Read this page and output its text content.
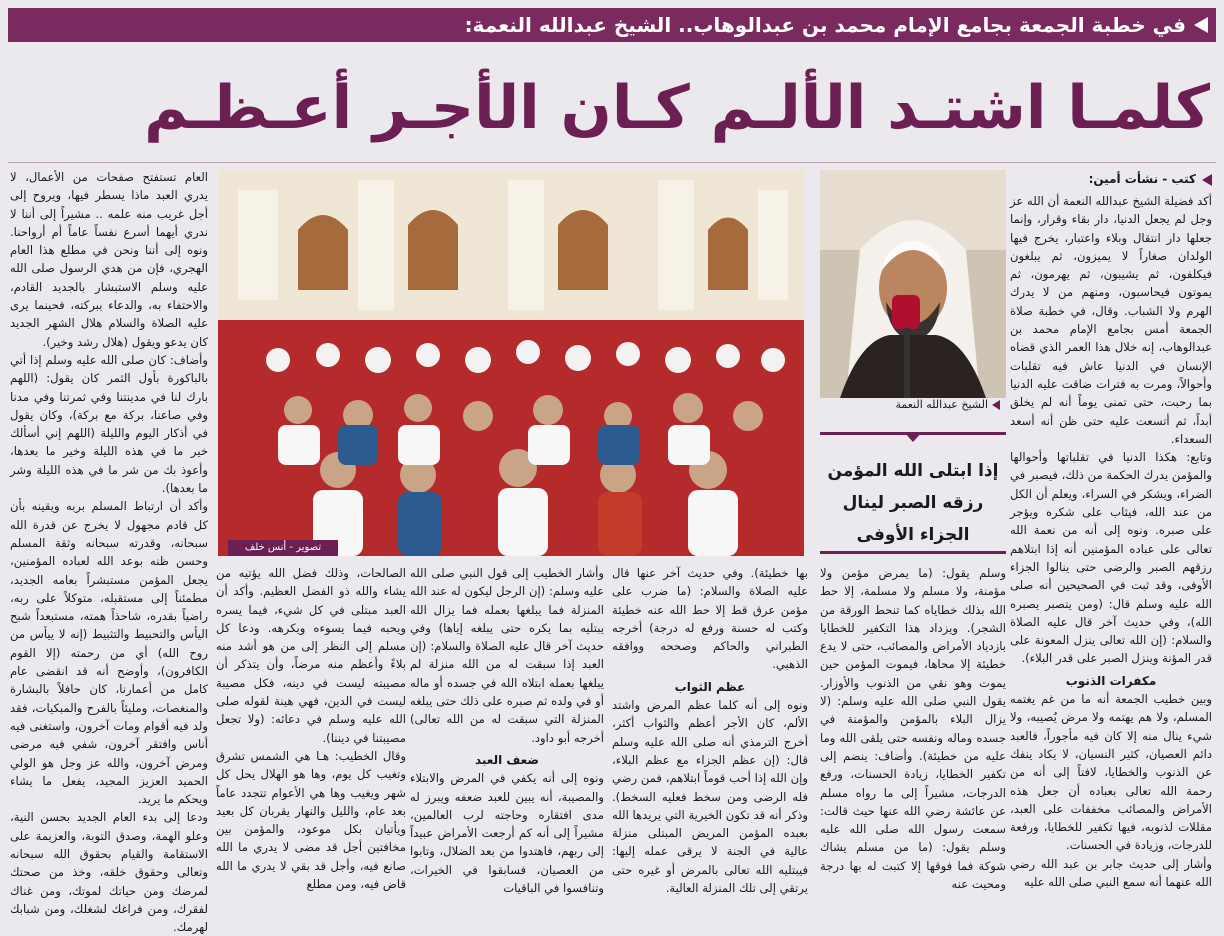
في خطبة الجمعة بجامع الإمام محمد بن عبدالوهاب.. الشيخ عبدالله النعمة:
كلمـا اشتـد الألـم كـان الأجـر أعـظـم
كتب - نشأت أمين:

أكد فضيلة الشيخ عبدالله النعمة أن الله عز وجل لم يجعل الدنيا، دار بقاء وقرار، وإنما جعلها دار انتقال وبلاء واعتبار، يخرج فيها الولدان صغاراً لا يميزون، ثم يبلغون فيكلفون، ثم يشيبون، ثم يهرمون، ثم يموتون فيحاسبون، ومنهم من لا يدرك الهرم ولا الشباب. وقال، في خطبة صلاة الجمعة أمس بجامع الإمام محمد بن عبدالوهاب، إنه خلال هذا العمر الذي قضاه الإنسان في الدنيا عاش فيه تقلبات وأحوالاً، ومرت به فترات ضاقت عليه الدنيا بما رحبت، حتى تمنى يوماً أنه لم يخلق أبداً، ثم أتسعت عليه حتى ظن أنه أسعد السعداء.

وتابع: هكذا الدنيا في تقلباتها وأحوالها والمؤمن يدرك الحكمة من ذلك، فيصبر في الضراء، ويشكر في السراء، ويعلم أن الكل من عند الله، فيثاب على شكره ويؤجر على صبره. ونوه إلى أنه من نعمة الله تعالى على عباده المؤمنين أنه إذا ابتلاهم رزقهم الصبر والرضى حتى ينالوا الجزاء الأوفى، وقد ثبت في الصحيحين أنه صلى الله عليه وسلم قال: (ومن يتصبر يصبره الله)، وفي حديث آخر قال عليه الصلاة والسلام: (إن الله تعالى ينزل المعونة على قدر المؤنة وينزل الصبر على قدر البلاء).

مكفرات الذنوب

وبين خطيب الجمعة أنه ما من غم يغتمه المسلم، ولا هم يهتمه ولا مرض يُصيبه، ولا شيء ينال منه إلا كان فيه مأجوراً، فالعبد دائم العصيان، كثير النسيان، لا يكاد ينفك عن الذنوب والخطايا، لافتاً إلى أنه من رحمة الله تعالى بعباده أن جعل هذه الأمراض والمصائب مخففات على العبد، مقللات لذنوبه، فيها تكفير للخطايا، ورفعة للدرجات، وزيادة في الحسنات.

وأشار إلى حديث جابر بن عبد الله رضي الله عنهما أنه سمع النبي صلى الله عليه

الشيخ عبدالله النعمة
إذا ابتلى الله المؤمن رزقه الصبر لينال الجزاء الأوفى

وسلم يقول: (ما يمرض مؤمن ولا مؤمنة، ولا مسلم ولا مسلمة، إلا حط الله بذلك خطاياه كما تنحط الورقة من الشجر). ويزداد هذا التكفير للخطايا بازدياد الأمراض والمصائب، حتى لا يدع خطيئة إلا محاها، فيموت المؤمن حين يموت وهو نقي من الذنوب والأوزار. يقول النبي صلى الله عليه وسلم: (لا يزال البلاء بالمؤمن والمؤمنة في جسده وماله ونفسه حتى يلقى الله وما عليه من خطيئة). وأضاف: ينضم إلى تكفير الخطايا، زيادة الحسنات، ورفع الدرجات، مشيراً إلى ما رواه مسلم عن عائشة رضي الله عنها حيث قالت: سمعت رسول الله صلى الله عليه وسلم يقول: (ما من مسلم يشاك شوكة فما فوقها إلا كتبت له بها درجة ومحيت عنه

تصوير - أنس خلف

بها خطيئة). وفي حديث آخر عنها قال عليه الصلاة والسلام: (ما ضرب على مؤمن عرق قط إلا حط الله عنه خطيئة وكتب له حسنة ورفع له درجة) أخرجه الطبراني والحاكم وصححه ووافقه الذهبي.

عظم الثواب

ونوه إلى أنه كلما عظم المرض واشتد الألم، كان الأجر أعظم والثواب أكثر، أخرج الترمذي أنه صلى الله عليه وسلم قال: (إن عظم الجزاء مع عظم البلاء، وإن الله إذا أحب قوماً ابتلاهم، فمن رضي فله الرضى ومن سخط فعليه السخط). وذكر أنه قد تكون الخيرية التي يريدها الله بعبده المؤمن المريض المبتلى منزلة عالية في الجنة لا يرقى عمله إليها: فيبتليه الله تعالى بالمرض أو غيره حتى يرتقي إلى تلك المنزلة العالية.

وأشار الخطيب إلى قول النبي صلى الله عليه وسلم: (إن الرجل ليكون له عند الله المنزلة فما يبلغها بعمله فما يزال الله يبتليه بما يكره حتى يبلغه إياها) وفي حديث آخر قال عليه الصلاة والسلام: (إن العبد إذا سبقت له من الله منزلة لم يبلغها بعمله ابتلاه الله في جسده أو ماله أو في ولده ثم صبره على ذلك حتى يبلغه المنزلة التي سبقت له من الله تعالى) أخرجه أبو داود.

ضعف العبد

ونوه إلى أنه يكفي في المرض والابتلاء والمصيبة، أنه يبين للعبد ضعفه ويبرز له مدى افتقاره وحاجته لرب العالمين، مشيراً إلى أنه كم أرجعت الأمراض عبيداً إلى ربهم، فاهتدوا من بعد الضلال، وتابوا من العصيان، فسابقوا في الخيرات، وتنافسوا في الباقيات

الصالحات، وذلك فضل الله يؤتيه من يشاء والله ذو الفضل العظيم. وأكد أن العبد مبتلى في كل شيء، فيما يسره ويحبه فيما يسوءه ويكرهه. ودعا كل مسلم إلى النظر إلى من هو أشد منه بلاءً وأعظم منه مرضاً، وأن يتذكر أن مصيبته ليست في دينه، فكل مصيبة ليست في الدين، فهي هينة لقوله صلى الله عليه وسلم في دعائه: (ولا تجعل مصيبتنا في ديننا).

وقال الخطيب: هـا هي الشمس تشرق وتغيب كل يوم، وها هو الهلال يحل كل شهر ويغيب وها هي الأعوام تتجدد عاماً بعد عام، والليل والنهار يقربان كل بعيد ويأتيان بكل موعود، والمؤمن بين مخافتين أجل قد مضى لا يدري ما الله صانع فيه، وأجل قد بقي لا يدري ما الله قاض فيه، ومن مطلع

العام تستفتح صفحات من الأعمال، لا يدري العبد ماذا يسطر فيها، ويروح إلى أجل غريب منه علمه .. مشيراً إلى أننا لا ندري أيهما أسرع نفساً عاماً أم أرواحنا. ونوه إلى أننا ونحن في مطلع هذا العام الهجري، فإن من هدي الرسول صلى الله عليه وسلم الاستبشار بالجديد القادم، والاحتفاء به، والدعاء ببركته، فحينما يرى عليه الصلاة والسلام هلال الشهر الجديد كان يدعو ويقول (هلال رشد وخير).

وأضاف: كان صلى الله عليه وسلم إذا أتي بالباكورة بأول الثمر كان يقول: (اللهم بارك لنا في مدينتنا وفي ثمرتنا وفي مدنا وفي صاعنا، بركة مع بركة)، وكان يقول في أذكار اليوم والليلة (اللهم إني أسألك خير ما في هذه الليلة وخير ما بعدها، وأعوذ بك من شر ما في هذه الليلة وشر ما بعدها).

وأكد أن ارتباط المسلم بربه ويقينه بأن كل قادم مجهول لا يخرج عن قدرة الله سبحانه، وقدرته سبحانه وثقة المسلم وحسن ظنه بوعد الله لعباده المؤمنين، يجعل المؤمن مستبشراً بعامه الجديد، مطمئناً إلى مستقبله، متوكلاً على ربه، راضياً بقدره، شاحذاً همته، مستبعداً شبح اليأس والتحبيط والتثبيط (إنه لا ييأس من روح الله) أي من رحمته (إلا القوم الكافرون)، وأوضح أنه قد انقضى عام كامل من أعمارنا، كان حافلاً بالبشارة والمنغصات، ومليئاً بالفرح والمبكيات، فقد ولد فيه أقوام ومات آخرون، واستغنى فيه أناس وافتقر آخرون، شفي فيه مرضى ومرض آخرون، والله عز وجل هو الولي الحميد العزيز المجيد، يفعل ما يشاء ويحكم ما يريد.

ودعا إلى بدء العام الجديد بحسن النية، وعلو الهمة، وصدق التوبة، والعزيمة على الاستقامة والقيام بحقوق الله سبحانه وتعالى وحقوق خلقه، وخذ من صحتك لمرضك ومن حياتك لموتك، ومن غناك لفقرك، ومن فراغك لشغلك، ومن شبابك لهرمك.
